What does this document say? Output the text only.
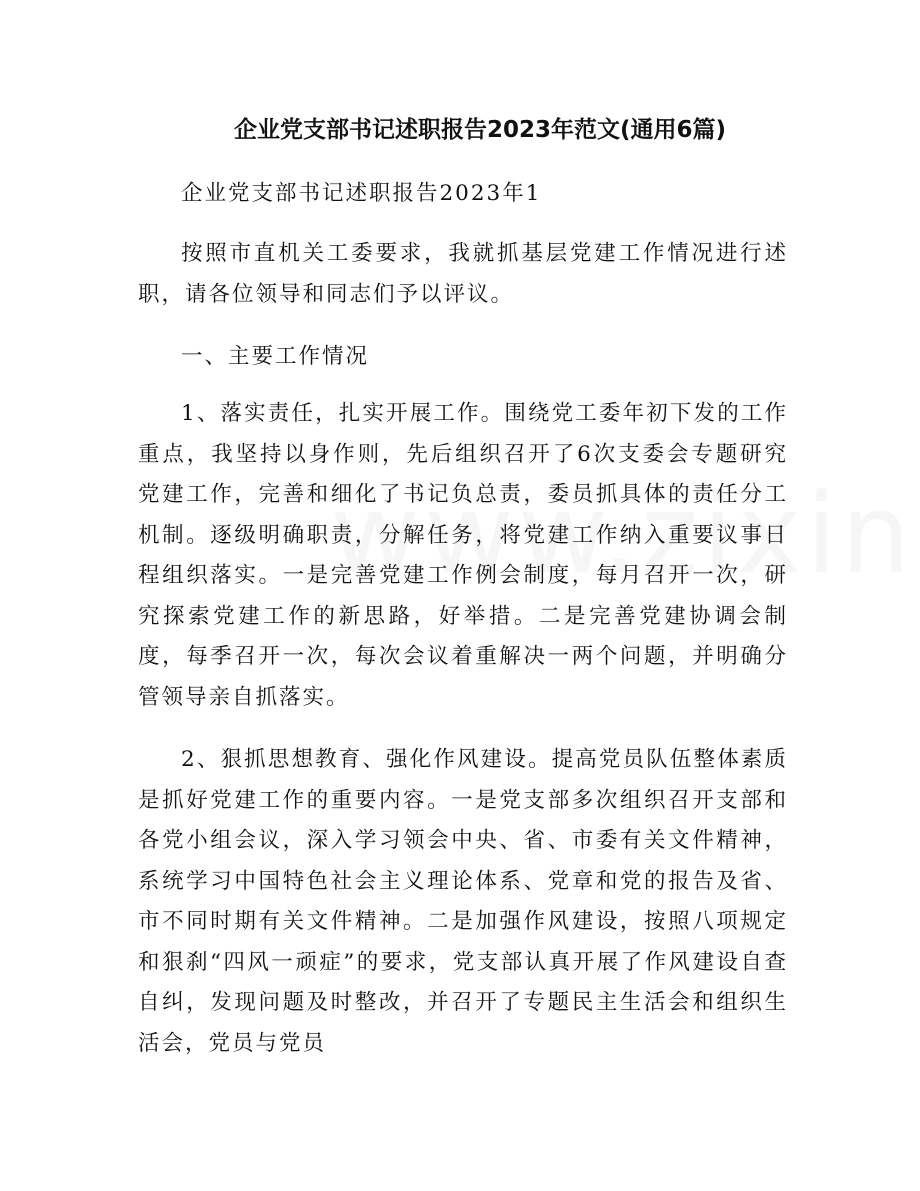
企业党支部书记述职报告2023年范文(通用6篇)

企业党支部书记述职报告2023年1

按照市直机关工委要求，我就抓基层党建工作情况进行述职，请各位领导和同志们予以评议。

一、主要工作情况

1、落实责任，扎实开展工作。围绕党工委年初下发的工作重点，我坚持以身作则，先后组织召开了6次支委会专题研究党建工作，完善和细化了书记负总责，委员抓具体的责任分工机制。逐级明确职责，分解任务，将党建工作纳入重要议事日程组织落实。一是完善党建工作例会制度，每月召开一次，研究探索党建工作的新思路，好举措。二是完善党建协调会制度，每季召开一次，每次会议着重解决一两个问题，并明确分管领导亲自抓落实。

2、狠抓思想教育、强化作风建设。提高党员队伍整体素质是抓好党建工作的重要内容。一是党支部多次组织召开支部和各党小组会议，深入学习领会中央、省、市委有关文件精神，系统学习中国特色社会主义理论体系、党章和党的报告及省、市不同时期有关文件精神。二是加强作风建设，按照八项规定和狠刹“四风一顽症”的要求，党支部认真开展了作风建设自查自纠，发现问题及时整改，并召开了专题民主生活会和组织生活会，党员与党员
